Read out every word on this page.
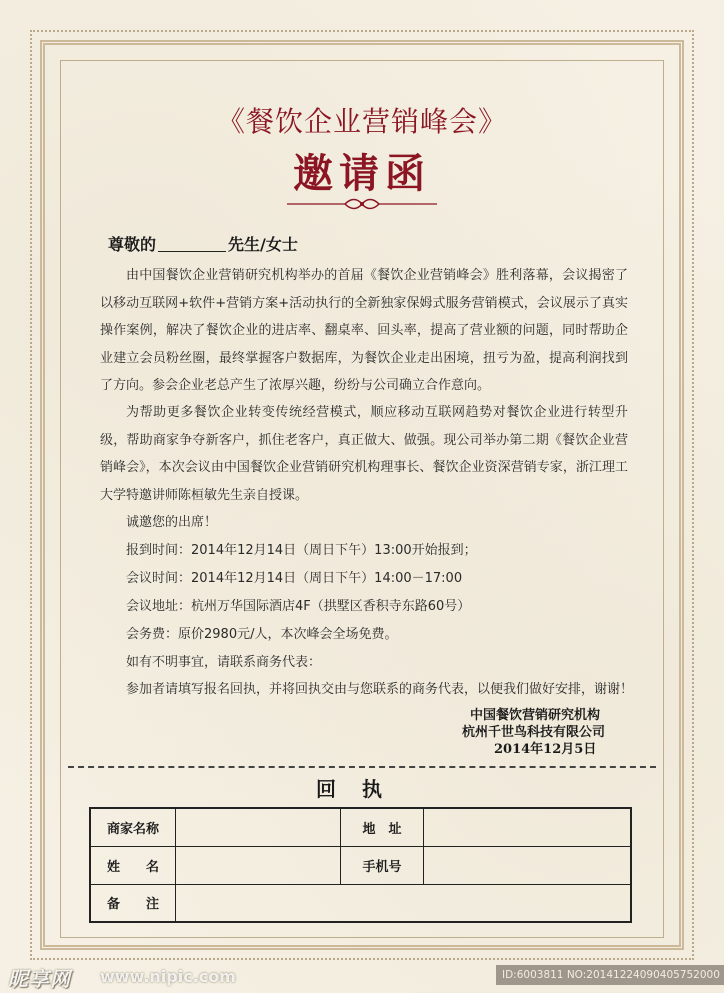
《餐饮企业营销峰会》
邀请函
尊敬的	先生/女士

由中国餐饮企业营销研究机构举办的首届《餐饮企业营销峰会》胜利落幕，会议揭密了以移动互联网+软件+营销方案+活动执行的全新独家保姆式服务营销模式，会议展示了真实操作案例，解决了餐饮企业的进店率、翻桌率、回头率，提高了营业额的问题，同时帮助企业建立会员粉丝圈，最终掌握客户数据库，为餐饮企业走出困境，扭亏为盈，提高利润找到了方向。参会企业老总产生了浓厚兴趣，纷纷与公司确立合作意向。

为帮助更多餐饮企业转变传统经营模式，顺应移动互联网趋势对餐饮企业进行转型升级，帮助商家争夺新客户，抓住老客户，真正做大、做强。现公司举办第二期《餐饮企业营销峰会》，本次会议由中国餐饮企业营销研究机构理事长、餐饮企业资深营销专家，浙江理工大学特邀讲师陈桓敏先生亲自授课。

诚邀您的出席！
报到时间：2014年12月14日（周日下午）13:00开始报到；
会议时间：2014年12月14日（周日下午）14:00－17:00
会议地址：杭州万华国际酒店4F（拱墅区香积寺东路60号）
会务费：原价2980元/人，本次峰会全场免费。
如有不明事宜，请联系商务代表：
参加者请填写报名回执，并将回执交由与您联系的商务代表，以便我们做好安排，谢谢！
中国餐饮营销研究机构
杭州千世鸟科技有限公司
2014年12月5日
回执
商家名称		地　址	
姓　　名		手机号	
备　　注			
昵享网 www.nipic.com	ID:6003811 NO:20141224090405752000
